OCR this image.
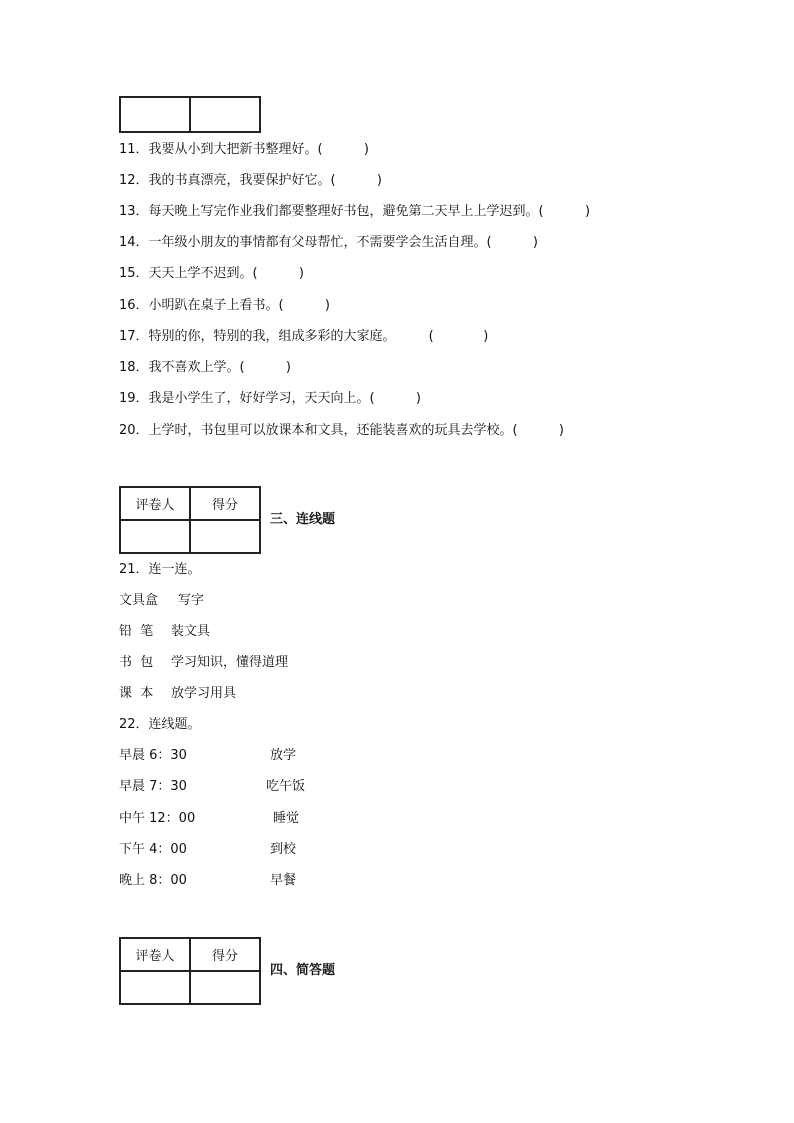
11．我要从小到大把新书整理好。(          )
12．我的书真漂亮，我要保护好它。(          )
13．每天晚上写完作业我们都要整理好书包，避免第二天早上上学迟到。(          )
14．一年级小朋友的事情都有父母帮忙，不需要学会生活自理。(          )
15．天天上学不迟到。(          )
16．小明趴在桌子上看书。(          )
17．特别的你，特别的我，组成多彩的大家庭。        (            )
18．我不喜欢上学。(          )
19．我是小学生了，好好学习，天天向上。(          )
20．上学时，书包里可以放课本和文具，还能装喜欢的玩具去学校。(          )
评卷人	得分

三、连线题
21．连一连。
文具盒 写字
铅  笔 装文具
书  包 学习知识，懂得道理
课  本 放学习用具
22．连线题。
早晨 6：30	放学
早晨 7：30	吃午饭
中午 12：00	睡觉
下午 4：00	到校
晚上 8：00	早餐
评卷人	得分

四、简答题
